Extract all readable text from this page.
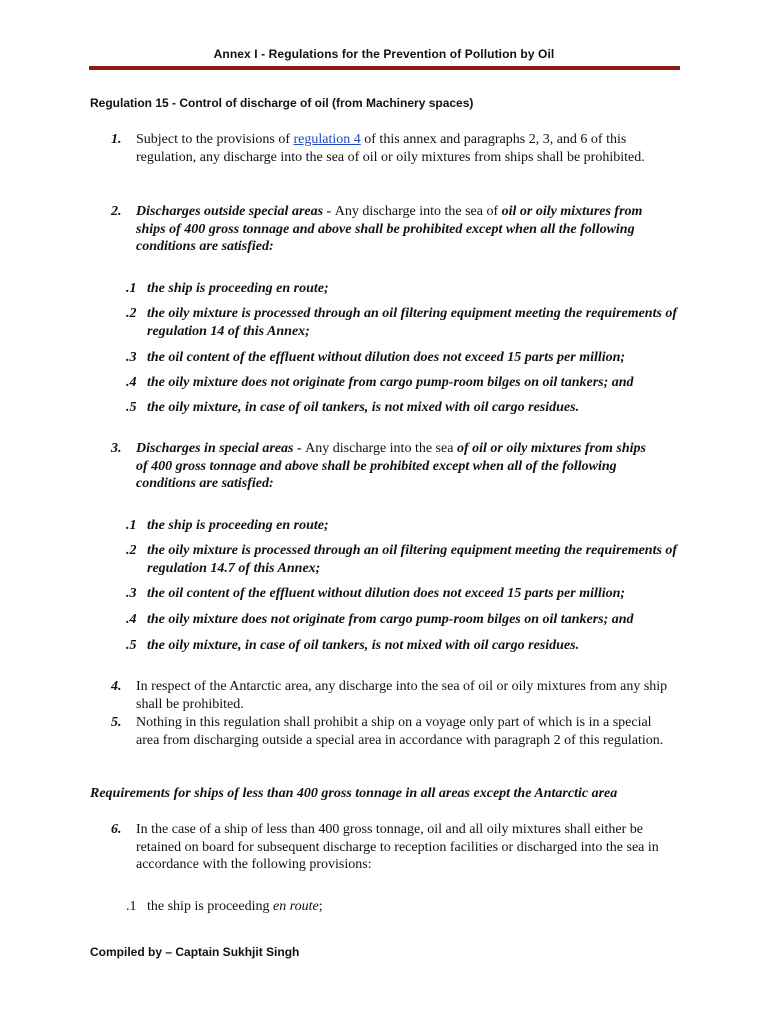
Annex I - Regulations for the Prevention of Pollution by Oil
Regulation 15 - Control of discharge of oil (from Machinery spaces)
1. Subject to the provisions of regulation 4 of this annex and paragraphs 2, 3, and 6 of this regulation, any discharge into the sea of oil or oily mixtures from ships shall be prohibited.
2. Discharges outside special areas - Any discharge into the sea of oil or oily mixtures from ships of 400 gross tonnage and above shall be prohibited except when all the following conditions are satisfied:
.1 the ship is proceeding en route;
.2 the oily mixture is processed through an oil filtering equipment meeting the requirements of regulation 14 of this Annex;
.3 the oil content of the effluent without dilution does not exceed 15 parts per million;
.4 the oily mixture does not originate from cargo pump-room bilges on oil tankers; and
.5 the oily mixture, in case of oil tankers, is not mixed with oil cargo residues.
3. Discharges in special areas - Any discharge into the sea of oil or oily mixtures from ships of 400 gross tonnage and above shall be prohibited except when all of the following conditions are satisfied:
.1 the ship is proceeding en route;
.2 the oily mixture is processed through an oil filtering equipment meeting the requirements of regulation 14.7 of this Annex;
.3 the oil content of the effluent without dilution does not exceed 15 parts per million;
.4 the oily mixture does not originate from cargo pump-room bilges on oil tankers; and
.5 the oily mixture, in case of oil tankers, is not mixed with oil cargo residues.
4. In respect of the Antarctic area, any discharge into the sea of oil or oily mixtures from any ship shall be prohibited.
5. Nothing in this regulation shall prohibit a ship on a voyage only part of which is in a special area from discharging outside a special area in accordance with paragraph 2 of this regulation.
Requirements for ships of less than 400 gross tonnage in all areas except the Antarctic area
6. In the case of a ship of less than 400 gross tonnage, oil and all oily mixtures shall either be retained on board for subsequent discharge to reception facilities or discharged into the sea in accordance with the following provisions:
.1 the ship is proceeding en route;
Compiled by – Captain Sukhjit Singh
